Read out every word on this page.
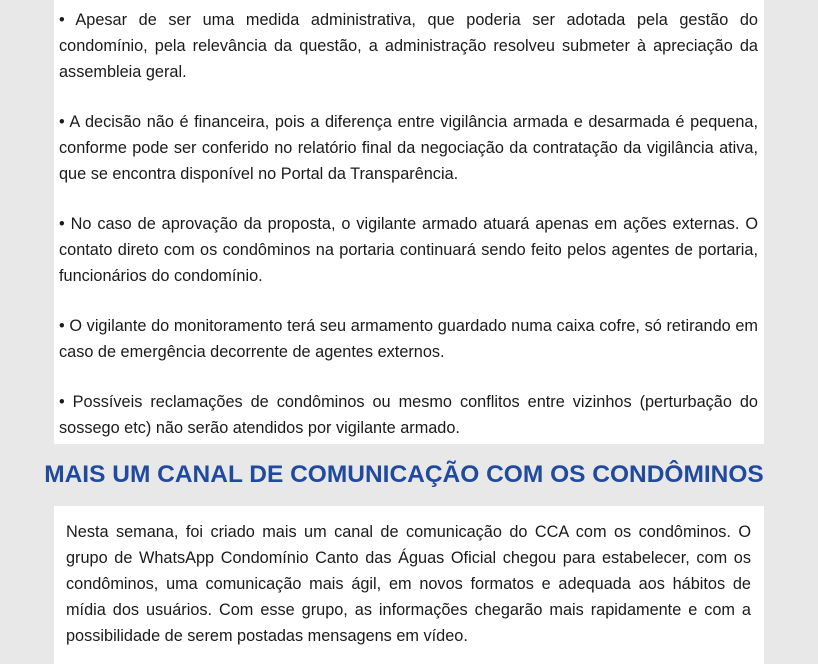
• Apesar de ser uma medida administrativa, que poderia ser adotada pela gestão do condomínio, pela relevância da questão, a administração resolveu submeter à apreciação da assembleia geral.

• A decisão não é financeira, pois a diferença entre vigilância armada e desarmada é pequena, conforme pode ser conferido no relatório final da negociação da contratação da vigilância ativa, que se encontra disponível no Portal da Transparência.

• No caso de aprovação da proposta, o vigilante armado atuará apenas em ações externas. O contato direto com os condôminos na portaria continuará sendo feito pelos agentes de portaria, funcionários do condomínio.

• O vigilante do monitoramento terá seu armamento guardado numa caixa cofre, só retirando em caso de emergência decorrente de agentes externos.

• Possíveis reclamações de condôminos ou mesmo conflitos entre vizinhos (perturbação do sossego etc) não serão atendidos por vigilante armado.

MAIS UM CANAL DE COMUNICAÇÃO COM OS CONDÔMINOS

Nesta semana, foi criado mais um canal de comunicação do CCA com os condôminos. O grupo de WhatsApp Condomínio Canto das Águas Oficial chegou para estabelecer, com os condôminos, uma comunicação mais ágil, em novos formatos e adequada aos hábitos de mídia dos usuários. Com esse grupo, as informações chegarão mais rapidamente e com a possibilidade de serem postadas mensagens em vídeo.
